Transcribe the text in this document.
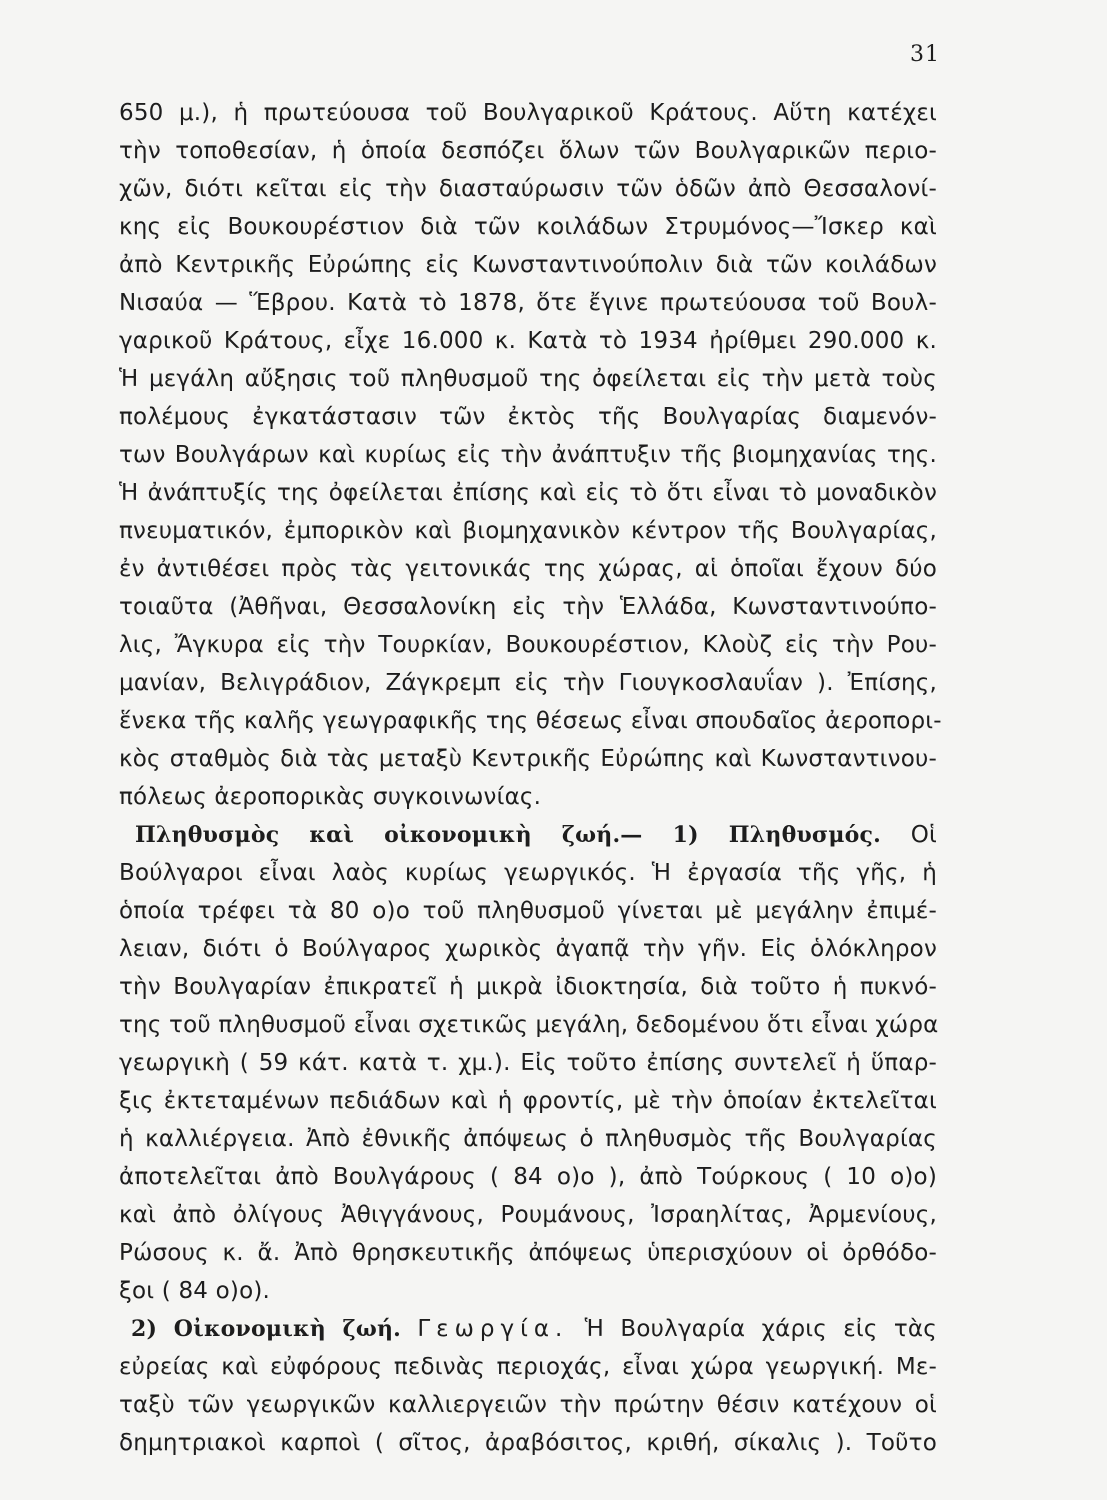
31
650 μ.), ἡ πρωτεύουσα τοῦ Βουλγαρικοῦ Κράτους. Αὕτη κατέχει
τὴν τοποθεσίαν, ἡ ὁποία δεσπόζει ὅλων τῶν Βουλγαρικῶν περιο-
χῶν, διότι κεῖται εἰς τὴν διασταύρωσιν τῶν ὁδῶν ἀπὸ Θεσσαλονί-
κης εἰς Βουκουρέστιον διὰ τῶν κοιλάδων Στρυμόνος—Ἴσκερ καὶ
ἀπὸ Κεντρικῆς Εὐρώπης εἰς Κωνσταντινούπολιν διὰ τῶν κοιλάδων
Νισαύα — Ἕβρου. Κατὰ τὸ 1878, ὅτε ἔγινε πρωτεύουσα τοῦ Βουλ-
γαρικοῦ Κράτους, εἶχε 16.000 κ. Κατὰ τὸ 1934 ἠρίθμει 290.000 κ.
Ἡ μεγάλη αὔξησις τοῦ πληθυσμοῦ της ὀφείλεται εἰς τὴν μετὰ τοὺς
πολέμους ἐγκατάστασιν τῶν ἐκτὸς τῆς Βουλγαρίας διαμενόν-
των Βουλγάρων καὶ κυρίως εἰς τὴν ἀνάπτυξιν τῆς βιομηχανίας της.
Ἡ ἀνάπτυξίς της ὀφείλεται ἐπίσης καὶ εἰς τὸ ὅτι εἶναι τὸ μοναδικὸν
πνευματικόν, ἐμπορικὸν καὶ βιομηχανικὸν κέντρον τῆς Βουλγαρίας,
ἐν ἀντιθέσει πρὸς τὰς γειτονικάς της χώρας, αἱ ὁποῖαι ἔχουν δύο
τοιαῦτα (Ἀθῆναι, Θεσσαλονίκη εἰς τὴν Ἑλλάδα, Κωνσταντινούπο-
λις, Ἄγκυρα εἰς τὴν Τουρκίαν, Βουκουρέστιον, Κλοὺζ εἰς τὴν Ρου-
μανίαν, Βελιγράδιον, Ζάγκρεμπ εἰς τὴν Γιουγκοσλαυΐαν ). Ἐπίσης,
ἕνεκα τῆς καλῆς γεωγραφικῆς της θέσεως εἶναι σπουδαῖος ἀεροπορι-
κὸς σταθμὸς διὰ τὰς μεταξὺ Κεντρικῆς Εὐρώπης καὶ Κωνσταντινου-
πόλεως ἀεροπορικὰς συγκοινωνίας.
Πληθυσμὸς καὶ οἰκονομικὴ ζωή.— 1) Πληθυσμός. Οἱ
Βούλγαροι εἶναι λαὸς κυρίως γεωργικός. Ἡ ἐργασία τῆς γῆς, ἡ
ὁποία τρέφει τὰ 80 ο)ο τοῦ πληθυσμοῦ γίνεται μὲ μεγάλην ἐπιμέ-
λειαν, διότι ὁ Βούλγαρος χωρικὸς ἀγαπᾷ τὴν γῆν. Εἰς ὁλόκληρον
τὴν Βουλγαρίαν ἐπικρατεῖ ἡ μικρὰ ἰδιοκτησία, διὰ τοῦτο ἡ πυκνό-
της τοῦ πληθυσμοῦ εἶναι σχετικῶς μεγάλη, δεδομένου ὅτι εἶναι χώρα
γεωργικὴ ( 59 κάτ. κατὰ τ. χμ.). Εἰς τοῦτο ἐπίσης συντελεῖ ἡ ὕπαρ-
ξις ἐκτεταμένων πεδιάδων καὶ ἡ φροντίς, μὲ τὴν ὁποίαν ἐκτελεῖται
ἡ καλλιέργεια. Ἀπὸ ἐθνικῆς ἀπόψεως ὁ πληθυσμὸς τῆς Βουλγαρίας
ἀποτελεῖται ἀπὸ Βουλγάρους ( 84 ο)ο ), ἀπὸ Τούρκους ( 10 ο)ο)
καὶ ἀπὸ ὀλίγους Ἀθιγγάνους, Ρουμάνους, Ἰσραηλίτας, Ἀρμενίους,
Ρώσους κ. ἄ. Ἀπὸ θρησκευτικῆς ἀπόψεως ὑπερισχύουν οἱ ὀρθόδο-
ξοι ( 84 ο)ο).
2) Οἰκονομικὴ ζωή. Γεωργία. Ἡ Βουλγαρία χάρις εἰς τὰς
εὐρείας καὶ εὐφόρους πεδινὰς περιοχάς, εἶναι χώρα γεωργική. Με-
ταξὺ τῶν γεωργικῶν καλλιεργειῶν τὴν πρώτην θέσιν κατέχουν οἱ
δημητριακοὶ καρποὶ ( σῖτος, ἀραβόσιτος, κριθή, σίκαλις ). Τοῦτο
